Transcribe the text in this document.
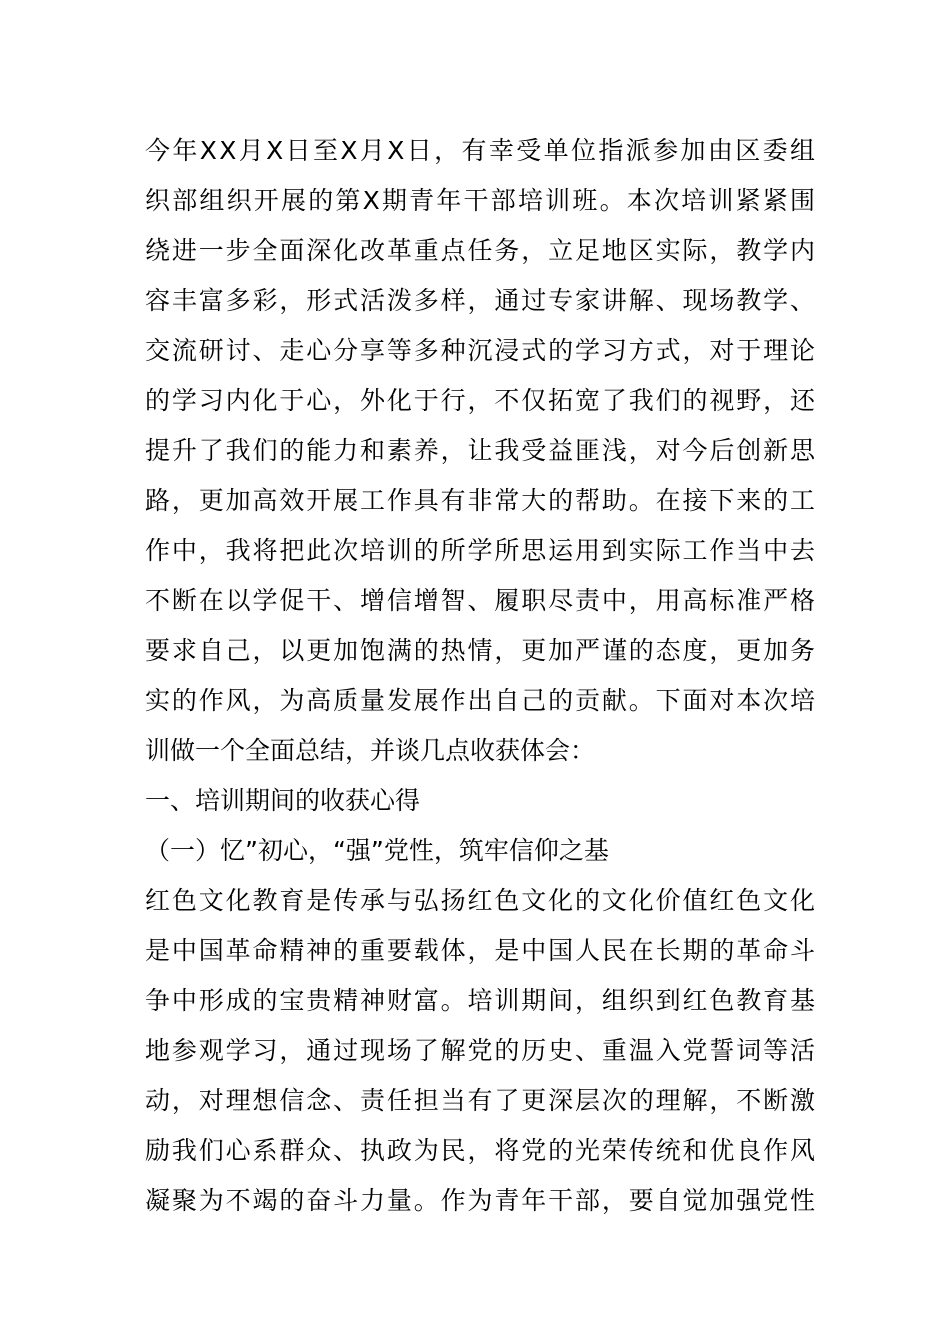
今年ⅩⅩ月Ⅹ日至Ⅹ月Ⅹ日，有幸受单位指派参加由区委组
织部组织开展的第Ⅹ期青年干部培训班。本次培训紧紧围
绕进一步全面深化改革重点任务，立足地区实际，教学内
容丰富多彩，形式活泼多样，通过专家讲解、现场教学、
交流研讨、走心分享等多种沉浸式的学习方式，对于理论
的学习内化于心，外化于行，不仅拓宽了我们的视野，还
提升了我们的能力和素养，让我受益匪浅，对今后创新思
路，更加高效开展工作具有非常大的帮助。在接下来的工
作中，我将把此次培训的所学所思运用到实际工作当中去
不断在以学促干、增信增智、履职尽责中，用高标准严格
要求自己，以更加饱满的热情，更加严谨的态度，更加务
实的作风，为高质量发展作出自己的贡献。下面对本次培
训做一个全面总结，并谈几点收获体会：
一、培训期间的收获心得
（一）忆”初心，“强”党性，筑牢信仰之基
红色文化教育是传承与弘扬红色文化的文化价值红色文化
是中国革命精神的重要载体，是中国人民在长期的革命斗
争中形成的宝贵精神财富。培训期间，组织到红色教育基
地参观学习，通过现场了解党的历史、重温入党誓词等活
动，对理想信念、责任担当有了更深层次的理解，不断激
励我们心系群众、执政为民，将党的光荣传统和优良作风
凝聚为不竭的奋斗力量。作为青年干部，要自觉加强党性
